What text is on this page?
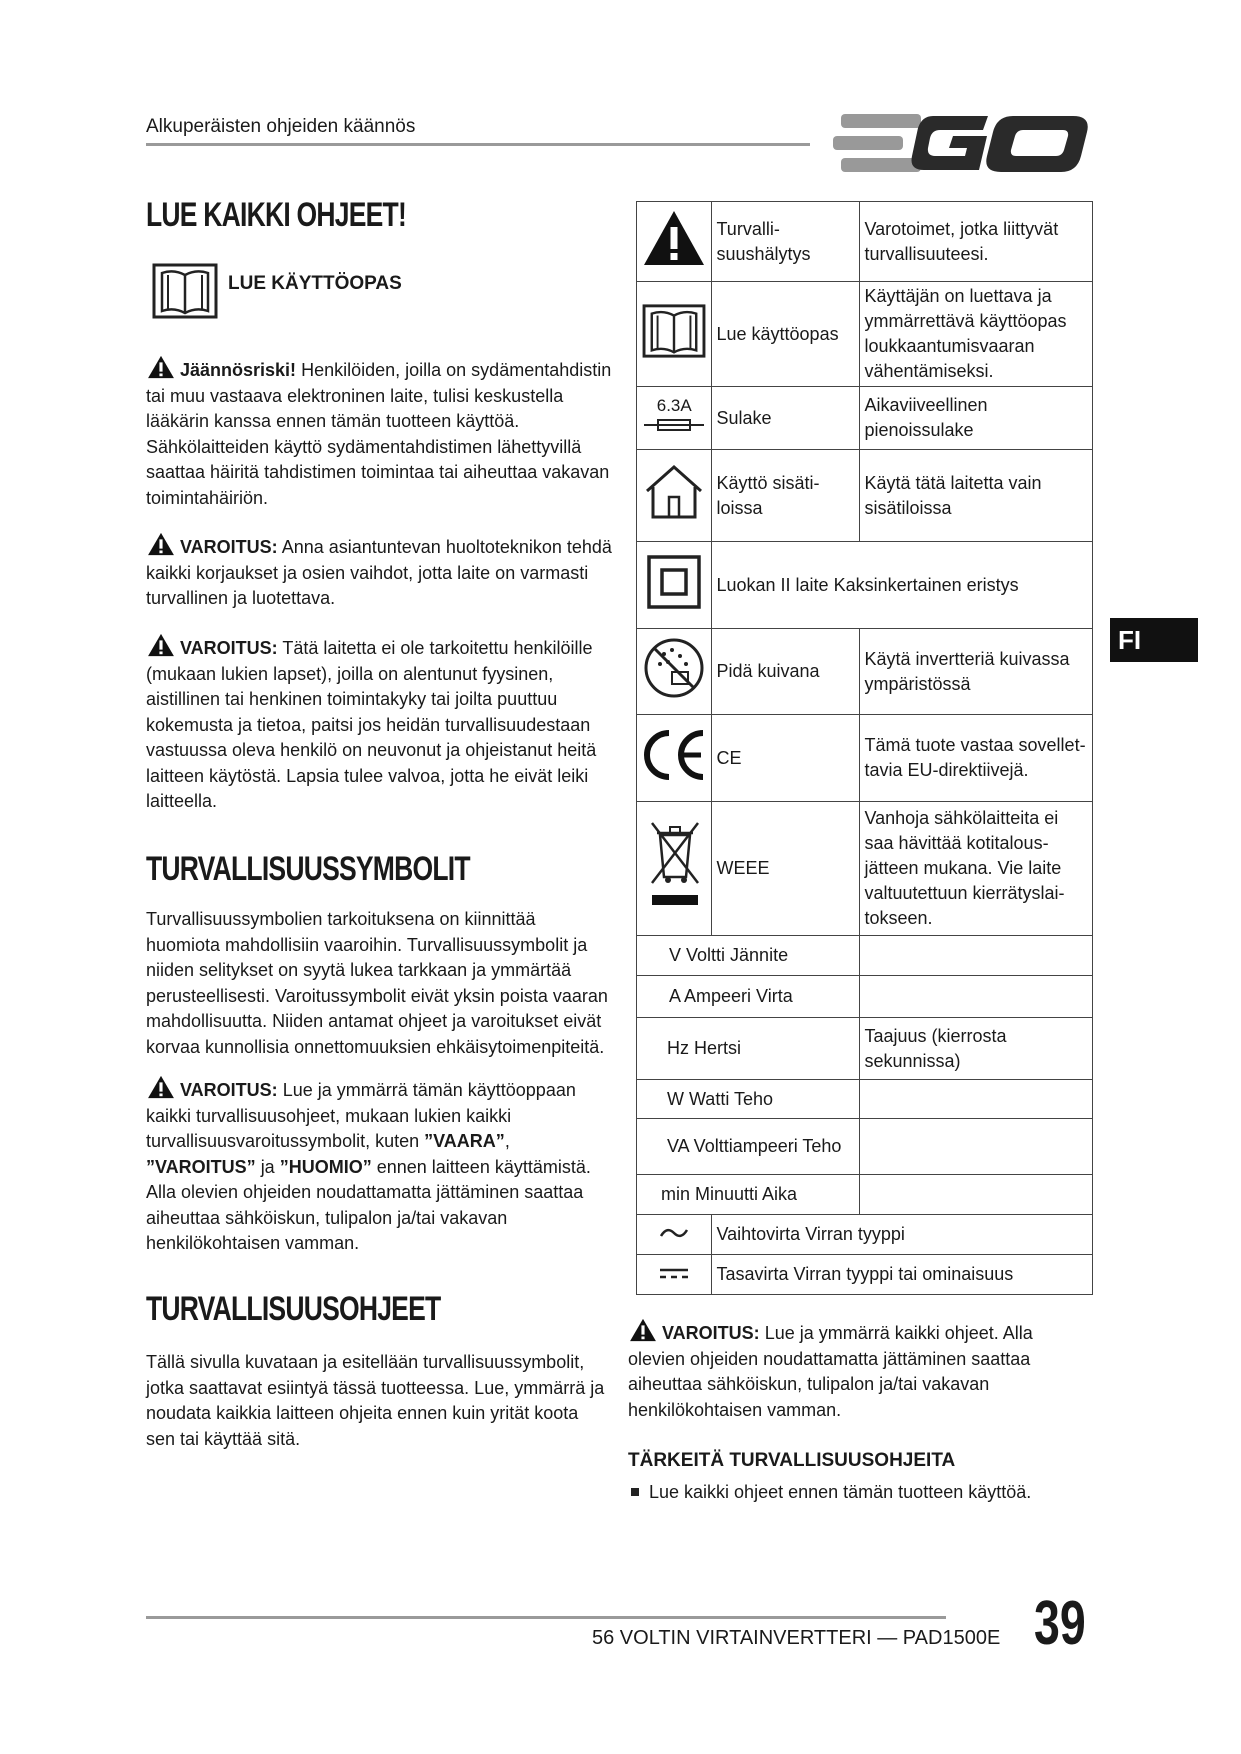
Alkuperäisten ohjeiden käännös
LUE KAIKKI OHJEET!
LUE KÄYTTÖOPAS
Jäännösriski! Henkilöiden, joilla on sydämentahdistin tai muu vastaava elektroninen laite, tulisi keskustella lääkärin kanssa ennen tämän tuotteen käyttöä. Sähkölaitteiden käyttö sydämentahdistimen lähettyvillä saattaa häiritä tahdistimen toimintaa tai aiheuttaa vakavan toimintahäiriön.
VAROITUS: Anna asiantuntevan huoltoteknikon tehdä kaikki korjaukset ja osien vaihdot, jotta laite on varmasti turvallinen ja luotettava.
VAROITUS: Tätä laitetta ei ole tarkoitettu henkilöille (mukaan lukien lapset), joilla on alentunut fyysinen, aistillinen tai henkinen toimintakyky tai joilta puuttuu kokemusta ja tietoa, paitsi jos heidän turvallisuudestaan vastuussa oleva henkilö on neuvonut ja ohjeistanut heitä laitteen käytöstä. Lapsia tulee valvoa, jotta he eivät leiki laitteella.
TURVALLISUUSSYMBOLIT
Turvallisuussymbolien tarkoituksena on kiinnittää huomiota mahdollisiin vaaroihin. Turvallisuussymbolit ja niiden selitykset on syytä lukea tarkkaan ja ymmärtää perusteellisesti. Varoitussymbolit eivät yksin poista vaaran mahdollisuutta. Niiden antamat ohjeet ja varoitukset eivät korvaa kunnollisia onnettomuuksien ehkäisytoimenpiteitä.
VAROITUS: Lue ja ymmärrä tämän käyttöoppaan kaikki turvallisuusohjeet, mukaan lukien kaikki turvallisuusvaroitussymbolit, kuten ”VAARA”, ”VAROITUS” ja ”HUOMIO” ennen laitteen käyttämistä. Alla olevien ohjeiden noudattamatta jättäminen saattaa aiheuttaa sähköiskun, tulipalon ja/tai vakavan henkilökohtaisen vamman.
TURVALLISUUSOHJEET
Tällä sivulla kuvataan ja esitellään turvallisuussymbolit, jotka saattavat esiintyä tässä tuotteessa. Lue, ymmärrä ja noudata kaikkia laitteen ohjeita ennen kuin yrität koota sen tai käyttää sitä.
	Turvalli-suushälytys	Varotoimet, jotka liittyvät turvallisuuteesi.
	Lue käyttöopas	Käyttäjän on luettava ja ymmärrettävä käyttöopas loukkaantumisvaaran vähentämiseksi.

6.3A	Sulake	Aikaviiveellinen pienoissulake
	Käyttö sisäti-loissa	Käytä tätä laitetta vain sisätiloissa
	Luokan II laite Kaksinkertainen eristys	
	Pidä kuivana	Käytä invertteriä kuivassa ympäristössä
	CE	Tämä tuote vastaa sovellet-tavia EU-direktiivejä.
	WEEE	Vanhoja sähkölaitteita ei saa hävittää kotitalous-jätteen mukana. Vie laite valtuutettuun kierrätyslai-tokseen.
V Voltti Jännite		
A Ampeeri Virta		
Hz Hertsi		Taajuus (kierrosta sekunnissa)
W Watti Teho		
VA Volttiampeeri Teho		
min Minuutti Aika		
	Vaihtovirta Virran tyyppi	
	Tasavirta Virran tyyppi tai ominaisuus	
VAROITUS: Lue ja ymmärrä kaikki ohjeet. Alla olevien ohjeiden noudattamatta jättäminen saattaa aiheuttaa sähköiskun, tulipalon ja/tai vakavan henkilökohtaisen vamman.
TÄRKEITÄ TURVALLISUUSOHJEITA
Lue kaikki ohjeet ennen tämän tuotteen käyttöä.
FI
56 VOLTIN VIRTAINVERTTERI — PAD1500E 39
